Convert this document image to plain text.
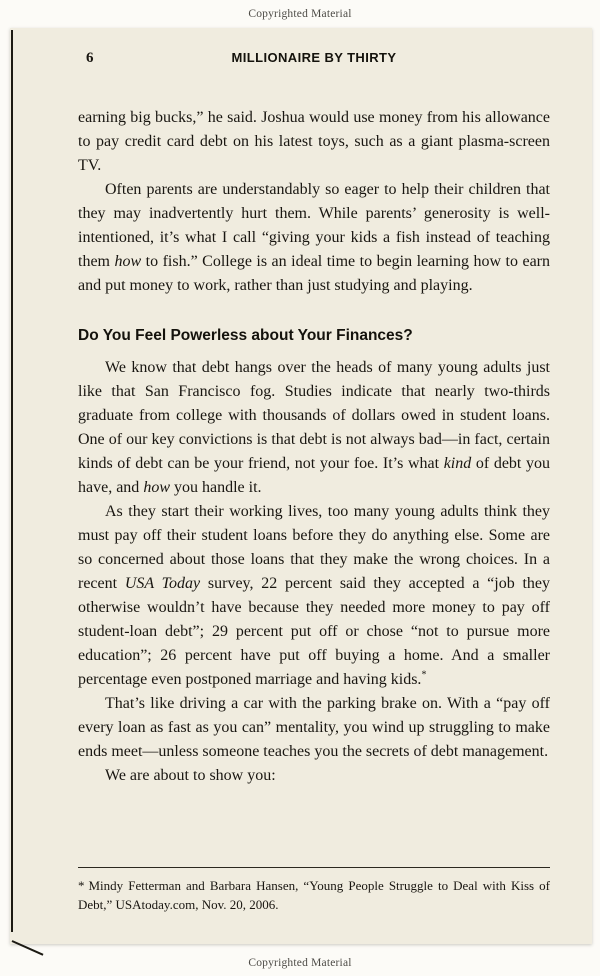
Copyrighted Material
6	MILLIONAIRE BY THIRTY

earning big bucks,” he said. Joshua would use money from his allowance to pay credit card debt on his latest toys, such as a giant plasma-screen TV.

Often parents are understandably so eager to help their children that they may inadvertently hurt them. While parents’ generosity is well-intentioned, it’s what I call “giving your kids a fish instead of teaching them how to fish.” College is an ideal time to begin learning how to earn and put money to work, rather than just studying and playing.

Do You Feel Powerless about Your Finances?

We know that debt hangs over the heads of many young adults just like that San Francisco fog. Studies indicate that nearly two-thirds graduate from college with thousands of dollars owed in student loans. One of our key convictions is that debt is not always bad—in fact, certain kinds of debt can be your friend, not your foe. It’s what kind of debt you have, and how you handle it.

As they start their working lives, too many young adults think they must pay off their student loans before they do anything else. Some are so concerned about those loans that they make the wrong choices. In a recent USA Today survey, 22 percent said they accepted a “job they otherwise wouldn’t have because they needed more money to pay off student-loan debt”; 29 percent put off or chose “not to pursue more education”; 26 percent have put off buying a home. And a smaller percentage even postponed marriage and having kids.*

That’s like driving a car with the parking brake on. With a “pay off every loan as fast as you can” mentality, you wind up struggling to make ends meet—unless someone teaches you the secrets of debt management.

We are about to show you:

* Mindy Fetterman and Barbara Hansen, “Young People Struggle to Deal with Kiss of Debt,” USAtoday.com, Nov. 20, 2006.

Copyrighted Material
